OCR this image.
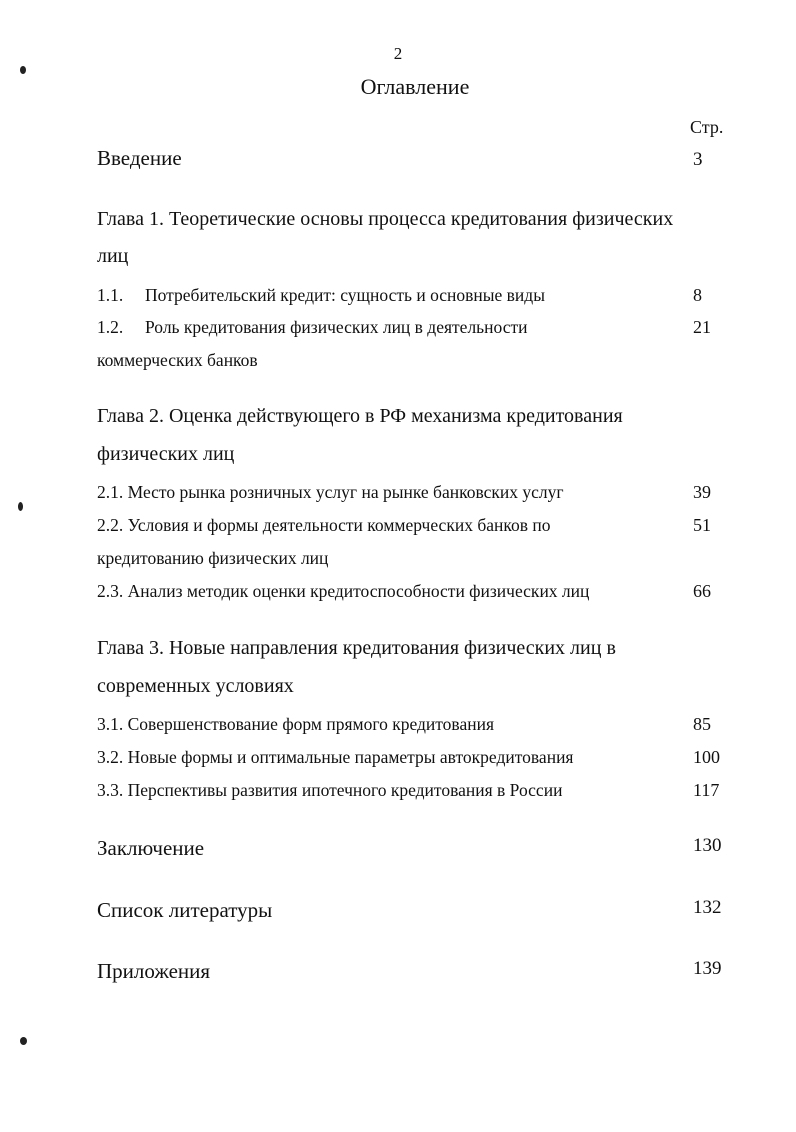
2
Оглавление
Стр.
Введение	3
Глава 1. Теоретические основы процесса кредитования физических
лиц
1.1. Потребительский кредит: сущность и основные виды	8
1.2. Роль кредитования физических лиц в деятельности	21
коммерческих банков
Глава 2. Оценка действующего в РФ механизма кредитования
физических лиц
2.1. Место рынка розничных услуг на рынке банковских услуг	39
2.2. Условия и формы деятельности коммерческих банков по	51
кредитованию физических лиц
2.3. Анализ методик оценки кредитоспособности физических лиц	66
Глава 3. Новые направления кредитования физических лиц в
современных условиях
3.1. Совершенствование форм прямого кредитования	85
3.2. Новые формы и оптимальные параметры автокредитования	100
3.3. Перспективы развития ипотечного кредитования в России	117
Заключение	130
Список литературы	132
Приложения	139
